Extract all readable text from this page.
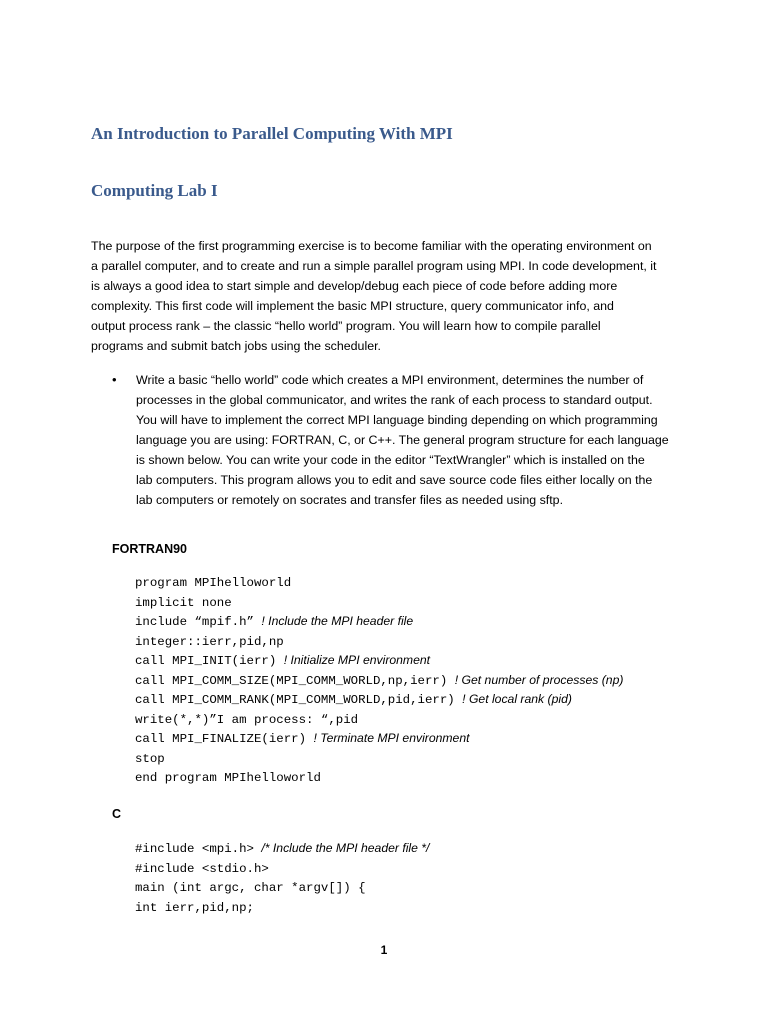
An Introduction to Parallel Computing With MPI
Computing Lab I
The purpose of the first programming exercise is to become familiar with the operating environment on
a parallel computer, and to create and run a simple parallel program using MPI. In code development, it
is always a good idea to start simple and develop/debug each piece of code before adding more
complexity. This first code will implement the basic MPI structure, query communicator info, and
output process rank – the classic “hello world” program. You will learn how to compile parallel
programs and submit batch jobs using the scheduler.
• Write a basic “hello world” code which creates a MPI environment, determines the number of
processes in the global communicator, and writes the rank of each process to standard output.
You will have to implement the correct MPI language binding depending on which programming
language you are using: FORTRAN, C, or C++. The general program structure for each language
is shown below. You can write your code in the editor “TextWrangler” which is installed on the
lab computers. This program allows you to edit and save source code files either locally on the
lab computers or remotely on socrates and transfer files as needed using sftp.
FORTRAN90
program MPIhelloworld
implicit none
include “mpif.h” ! Include the MPI header file
integer::ierr,pid,np
call MPI_INIT(ierr) ! Initialize MPI environment
call MPI_COMM_SIZE(MPI_COMM_WORLD,np,ierr) ! Get number of processes (np)
call MPI_COMM_RANK(MPI_COMM_WORLD,pid,ierr) ! Get local rank (pid)
write(*,*)”I am process: “,pid
call MPI_FINALIZE(ierr) ! Terminate MPI environment
stop
end program MPIhelloworld
C
#include <mpi.h> /* Include the MPI header file */
#include <stdio.h>
main (int argc, char *argv[]) {
int ierr,pid,np;
1
